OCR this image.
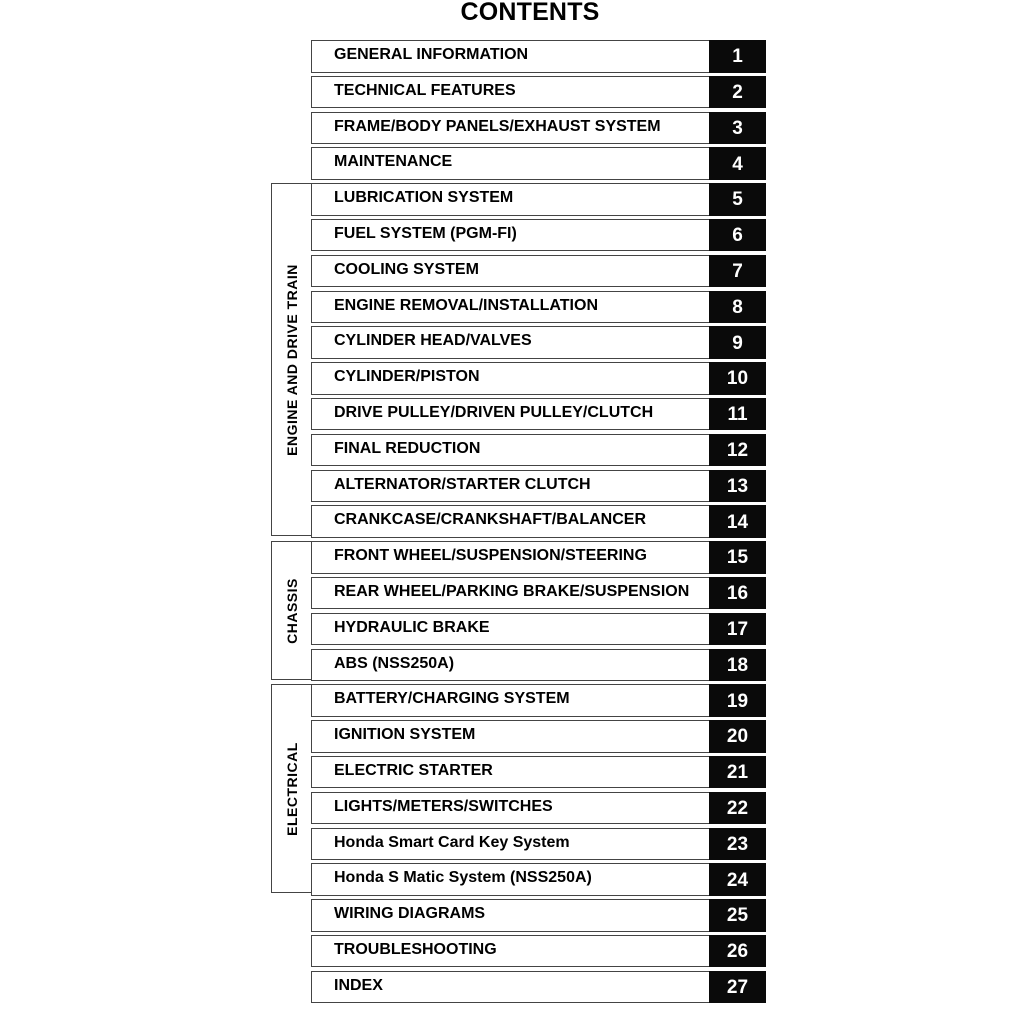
CONTENTS
ENGINE AND DRIVE TRAIN
CHASSIS
ELECTRICAL
GENERAL INFORMATION	1
TECHNICAL FEATURES	2
FRAME/BODY PANELS/EXHAUST SYSTEM	3
MAINTENANCE	4
LUBRICATION SYSTEM	5
FUEL SYSTEM (PGM-FI)	6
COOLING SYSTEM	7
ENGINE REMOVAL/INSTALLATION	8
CYLINDER HEAD/VALVES	9
CYLINDER/PISTON	10
DRIVE PULLEY/DRIVEN PULLEY/CLUTCH	11
FINAL REDUCTION	12
ALTERNATOR/STARTER CLUTCH	13
CRANKCASE/CRANKSHAFT/BALANCER	14
FRONT WHEEL/SUSPENSION/STEERING	15
REAR WHEEL/PARKING BRAKE/SUSPENSION	16
HYDRAULIC BRAKE	17
ABS (NSS250A)	18
BATTERY/CHARGING SYSTEM	19
IGNITION SYSTEM	20
ELECTRIC STARTER	21
LIGHTS/METERS/SWITCHES	22
Honda Smart Card Key System	23
Honda S Matic System (NSS250A)	24
WIRING DIAGRAMS	25
TROUBLESHOOTING	26
INDEX	27
